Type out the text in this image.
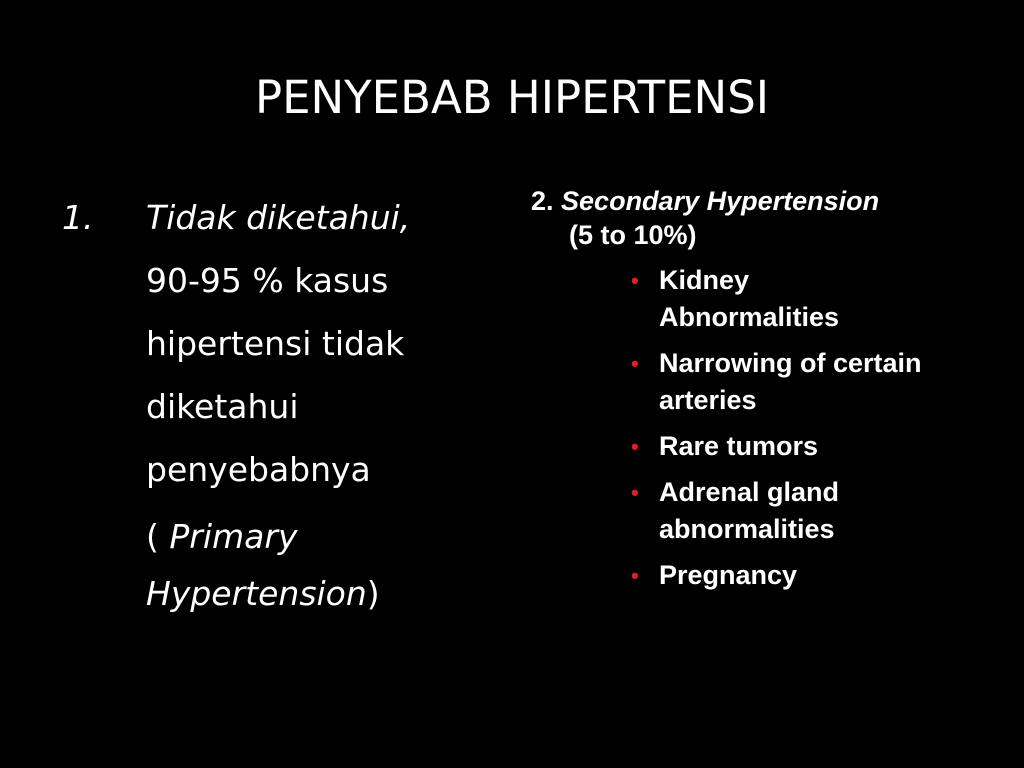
PENYEBAB HIPERTENSI
1. Tidak diketahui,
90-95 % kasus
hipertensi tidak
diketahui
penyebabnya
( Primary
Hypertension)
2. Secondary Hypertension
(5 to 10%)
• Kidney
Abnormalities
• Narrowing of certain
arteries
• Rare tumors
• Adrenal gland
abnormalities
• Pregnancy
